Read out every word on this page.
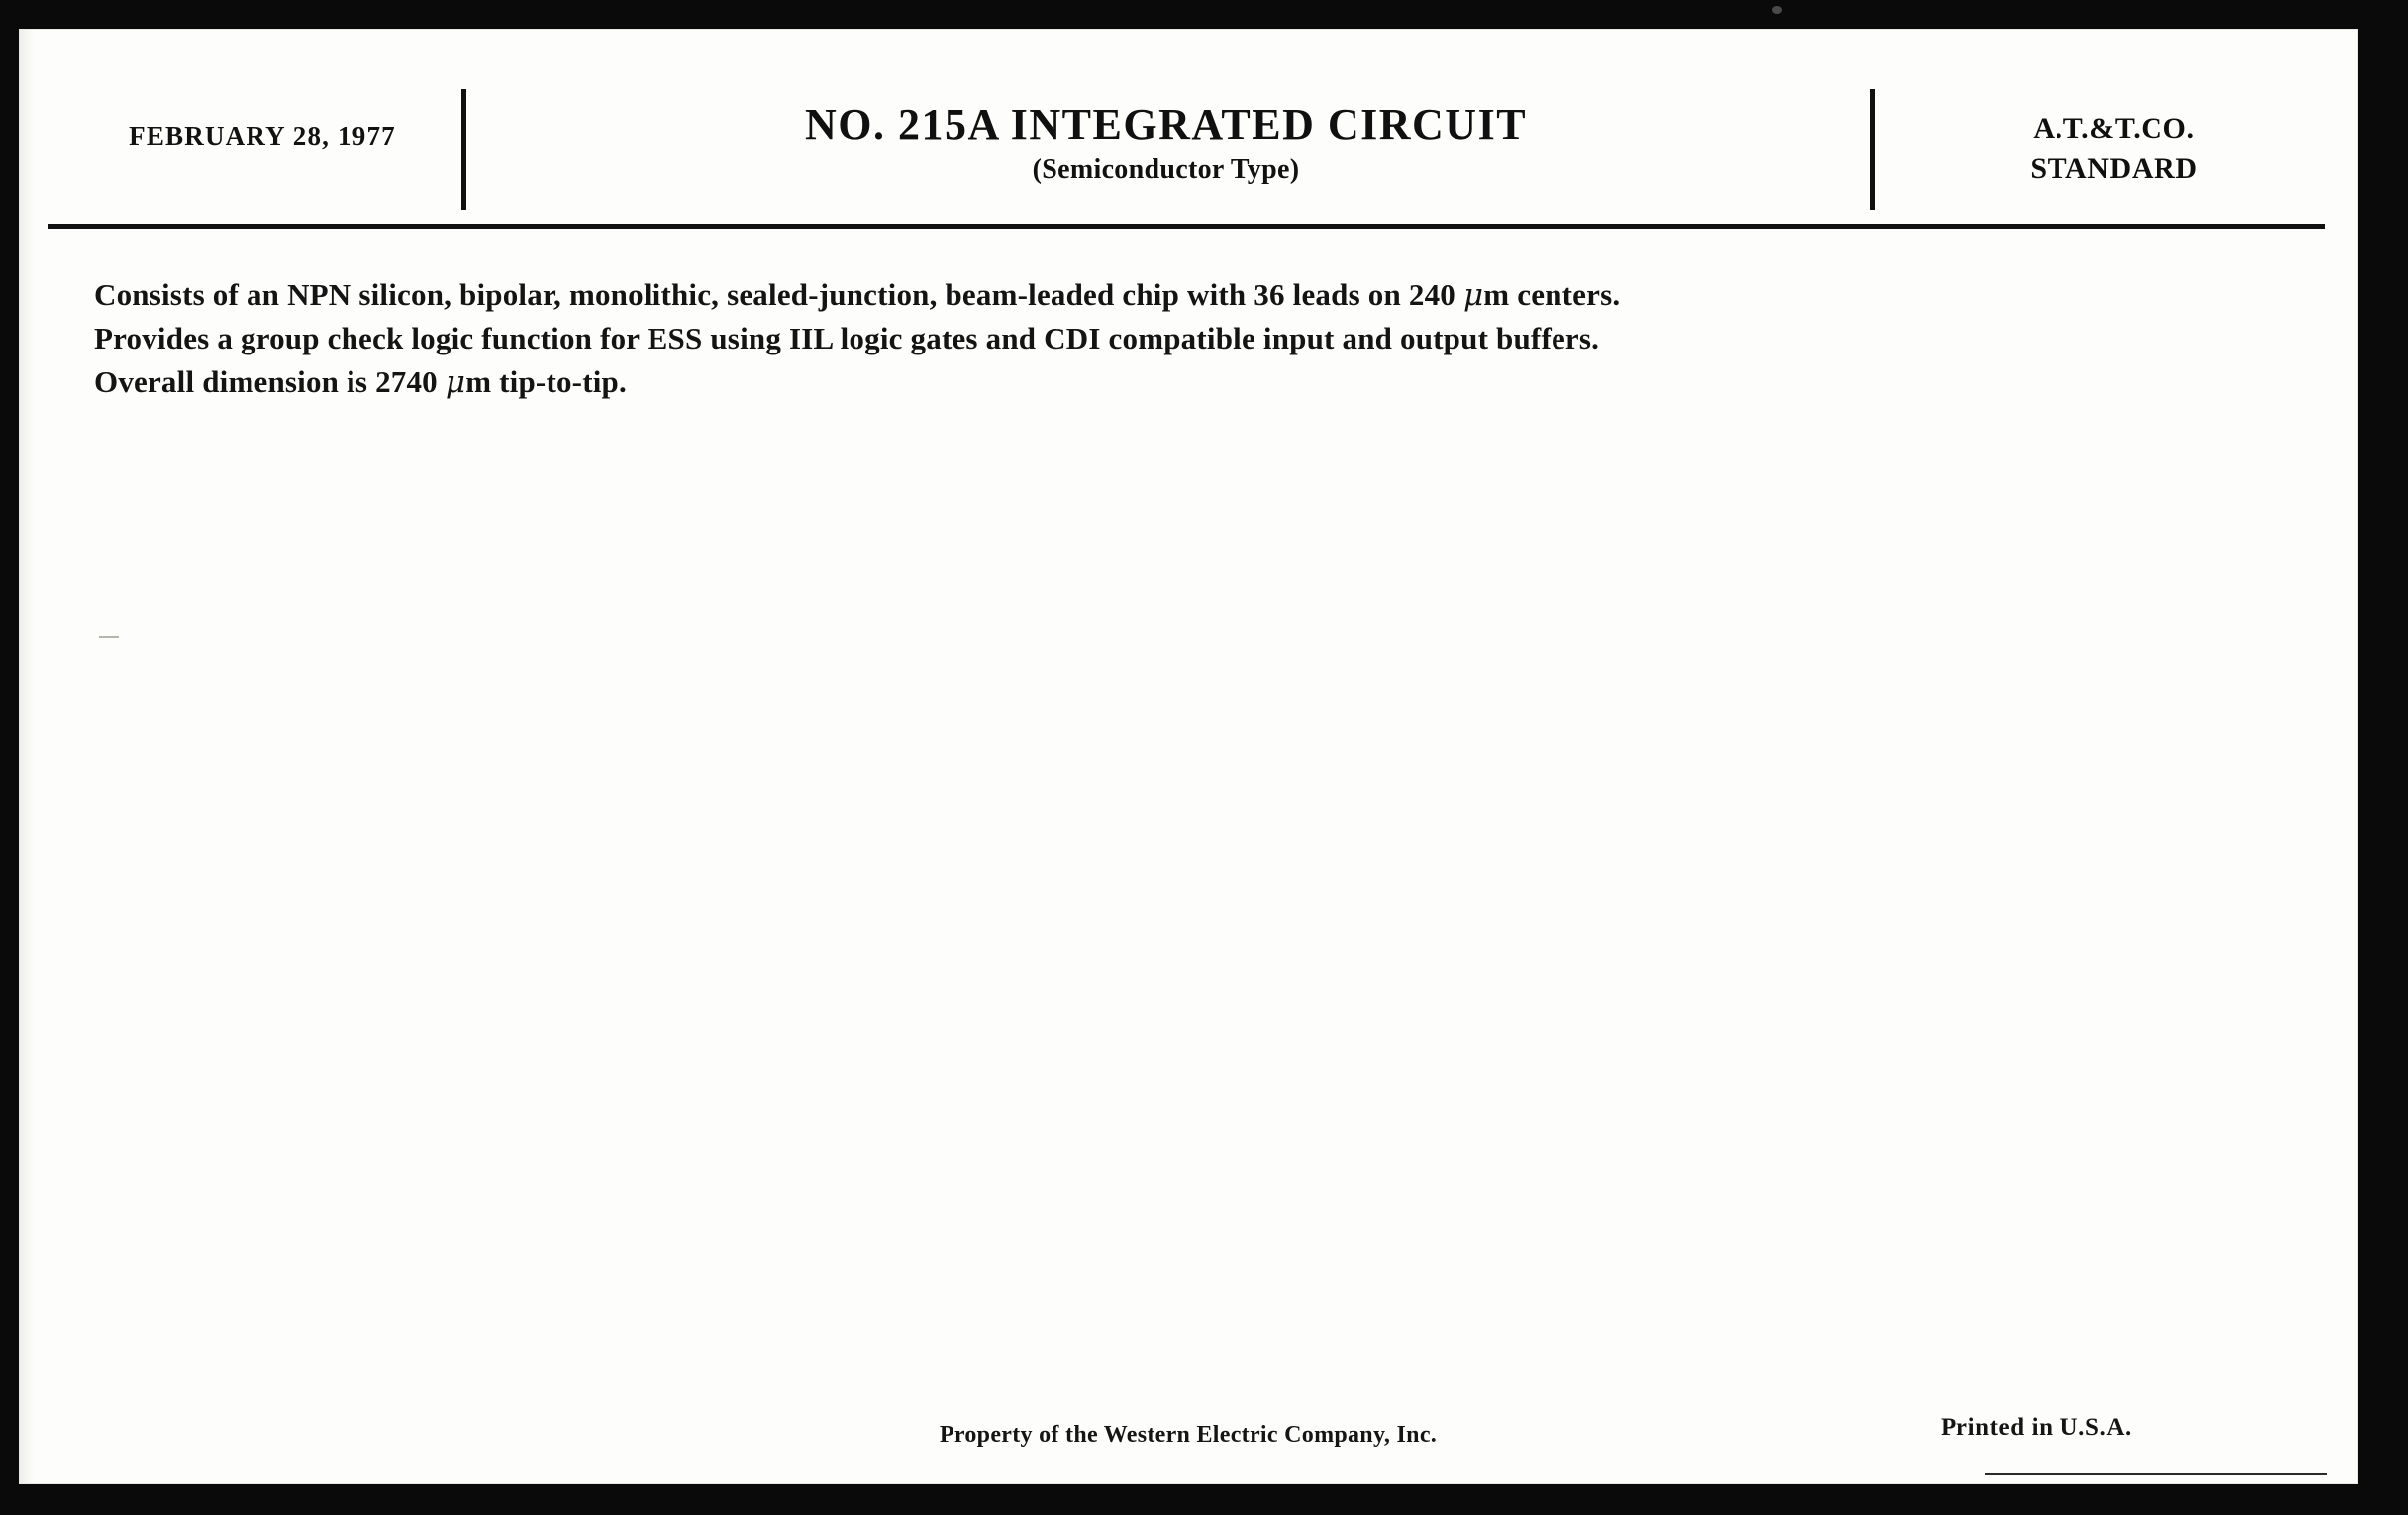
FEBRUARY 28, 1977	NO. 215A INTEGRATED CIRCUIT
(Semiconductor Type)
A.T.&T.CO.
STANDARD
Consists of an NPN silicon, bipolar, monolithic, sealed-junction, beam-leaded chip with 36 leads on 240 μm centers.
Provides a group check logic function for ESS using IIL logic gates and CDI compatible input and output buffers.
Overall dimension is 2740 μm tip-to-tip.
Property of the Western Electric Company, Inc.	Printed in U.S.A.
